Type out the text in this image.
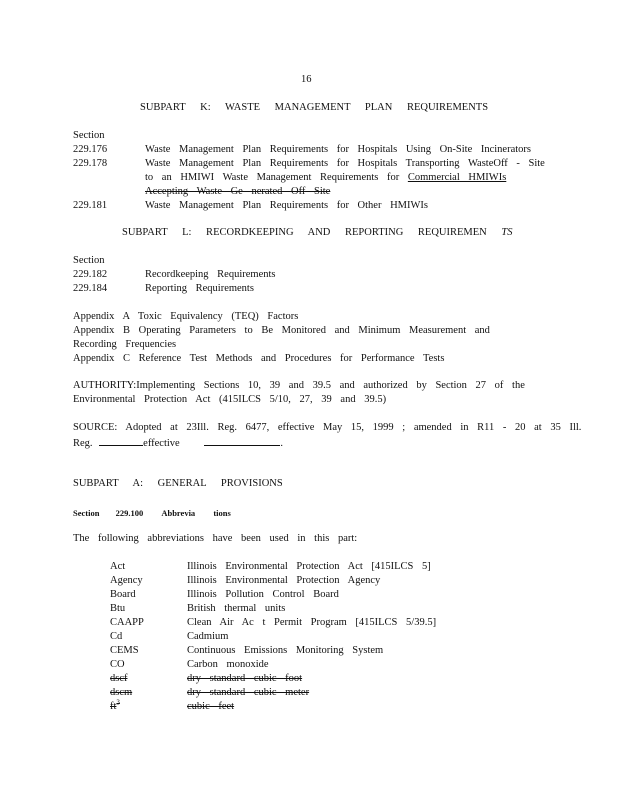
16
SUBPART K: WASTE MANAGEMENT PLAN REQUIREMENTS
Section
229.176	Waste Management Plan Requirements for Hospitals Using On-Site Incinerators
229.178	Waste Management Plan Requirements for Hospitals Transporting WasteOff - Site
to an HMIWI Waste Management Requirements for Commercial HMIWIs
Accepting Waste Ge nerated Off Site
229.181	Waste Management Plan Requirements for Other HMIWIs
SUBPART L: RECORDKEEPING AND REPORTING REQUIREMEN TS
Section
229.182	Recordkeeping Requirements
229.184	Reporting Requirements
Appendix A Toxic Equivalency (TEQ) Factors
Appendix B Operating Parameters to Be Monitored and Minimum Measurement and
Recording Frequencies
Appendix C Reference Test Methods and Procedures for Performance Tests
AUTHORITY:Implementing Sections 10, 39 and 39.5 and authorized by Section 27 of the
Environmental Protection Act (415ILCS 5/10, 27, 39 and 39.5)
SOURCE: Adopted at 23Ill. Reg. 6477, effective May 15, 1999 ; amended in R11 - 20 at 35 Ill.
Reg.	effective	.
SUBPART A: GENERAL PROVISIONS
Section 229.100 Abbrevia tions
The following abbreviations have been used in this part:
Act	Illinois Environmental Protection Act [415ILCS 5]
Agency	Illinois Environmental Protection Agency
Board	Illinois Pollution Control Board
Btu	British thermal units
CAAPP	Clean Air Ac t Permit Program [415ILCS 5/39.5]
Cd	Cadmium
CEMS	Continuous Emissions Monitoring System
CO	Carbon monoxide
dscf	dry standard cubic foot
dscm	dry standard cubic meter
$ft^3$	cubic feet
